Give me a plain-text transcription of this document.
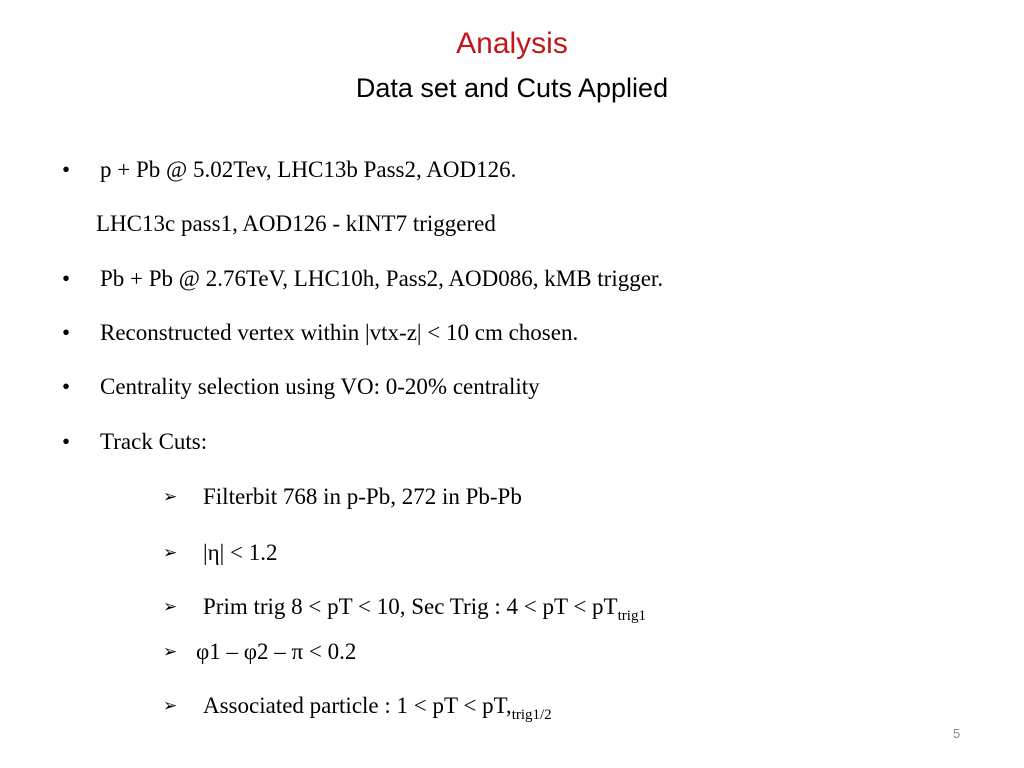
Analysis
Data set and Cuts Applied
• p + Pb @ 5.02Tev, LHC13b Pass2, AOD126.
LHC13c pass1, AOD126 - kINT7 triggered
• Pb + Pb @ 2.76TeV, LHC10h, Pass2, AOD086, kMB trigger.
• Reconstructed vertex within |vtx-z| < 10 cm chosen.
• Centrality selection using VO: 0-20% centrality
• Track Cuts:
➢ Filterbit 768 in p-Pb, 272 in Pb-Pb
➢ |η| < 1.2
➢ Prim trig 8 < pT < 10, Sec Trig : 4 < pT < $pT_{trig1}$
➢ φ1 – φ2 – π < 0.2
➢ Associated particle : 1 < pT < $pT,_{trig1/2}$
5
